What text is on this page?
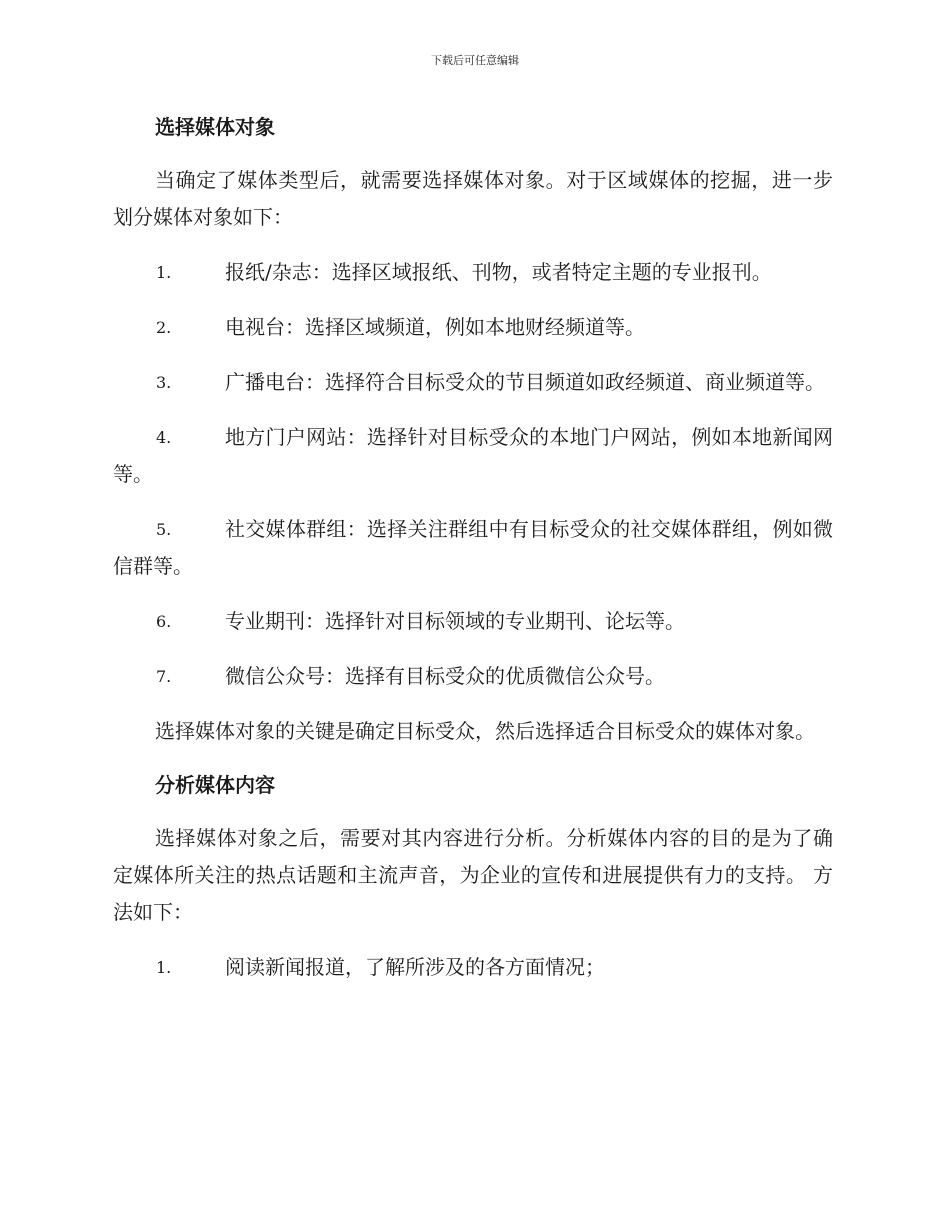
下载后可任意编辑
选择媒体对象

当确定了媒体类型后，就需要选择媒体对象。对于区域媒体的挖掘，进一步划分媒体对象如下：

1.	报纸/杂志：选择区域报纸、刊物，或者特定主题的专业报刊。

2.	电视台：选择区域频道，例如本地财经频道等。

3.	广播电台：选择符合目标受众的节目频道如政经频道、商业频道等。

4.	地方门户网站：选择针对目标受众的本地门户网站，例如本地新闻网等。

5.	社交媒体群组：选择关注群组中有目标受众的社交媒体群组，例如微信群等。

6.	专业期刊：选择针对目标领域的专业期刊、论坛等。

7.	微信公众号：选择有目标受众的优质微信公众号。

选择媒体对象的关键是确定目标受众，然后选择适合目标受众的媒体对象。

分析媒体内容

选择媒体对象之后，需要对其内容进行分析。分析媒体内容的目的是为了确定媒体所关注的热点话题和主流声音，为企业的宣传和进展提供有力的支持。 方法如下：

1.	阅读新闻报道，了解所涉及的各方面情况；
